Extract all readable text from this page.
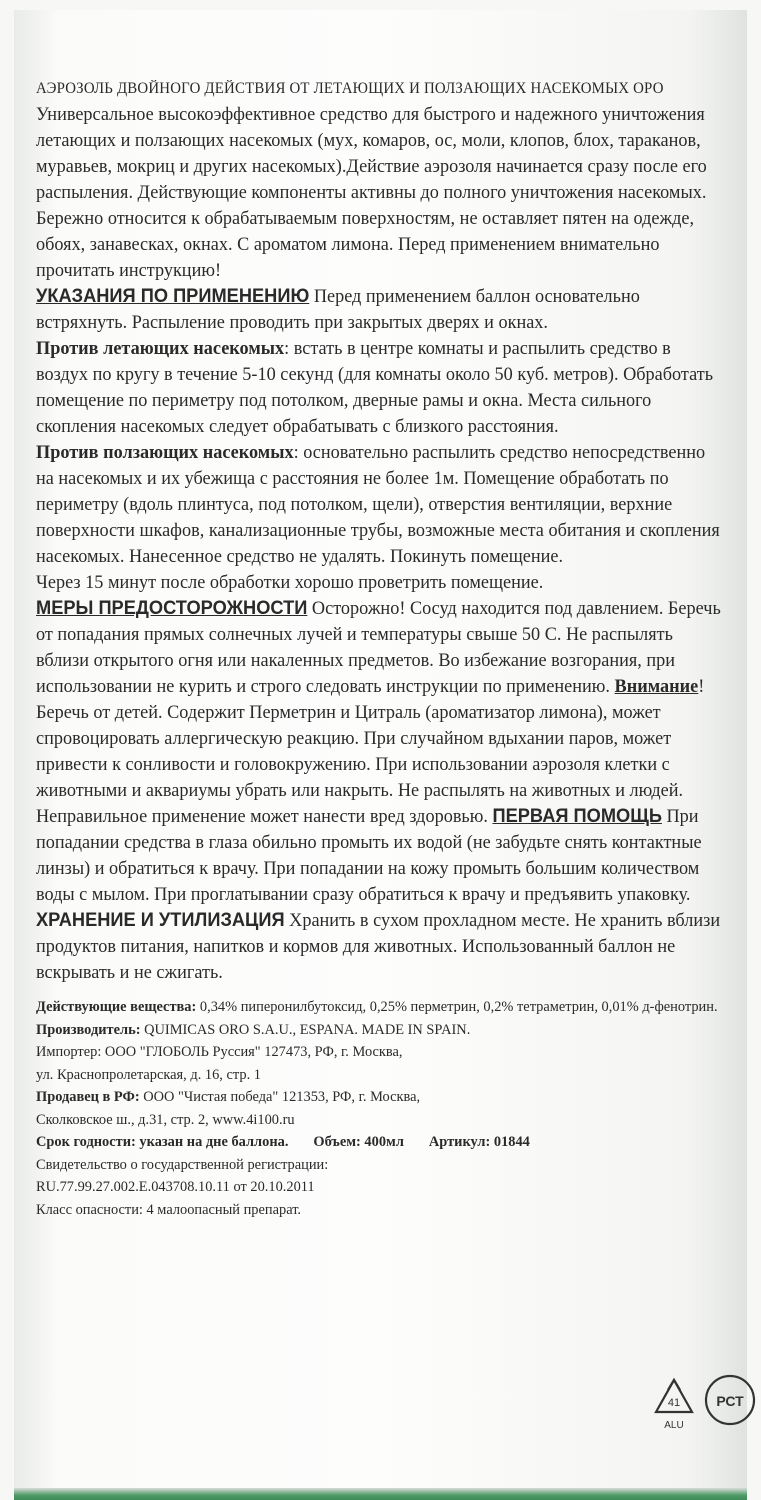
АЭРОЗОЛЬ ДВОЙНОГО ДЕЙСТВИЯ ОТ ЛЕТАЮЩИХ И ПОЛЗАЮЩИХ НАСЕКОМЫХ ОРО

Универсальное высокоэффективное средство для быстрого и надежного уничтожения летающих и ползающих насекомых (мух, комаров, ос, моли, клопов, блох, тараканов, муравьев, мокриц и других насекомых).Действие аэрозоля начинается сразу после его распыления. Действующие компоненты активны до полного уничтожения насекомых. Бережно относится к обрабатываемым поверхностям, не оставляет пятен на одежде, обоях, занавесках, окнах. С ароматом лимона. Перед применением внимательно прочитать инструкцию!

УКАЗАНИЯ ПО ПРИМЕНЕНИЮ Перед применением баллон основательно встряхнуть. Распыление проводить при закрытых дверях и окнах.

Против летающих насекомых: встать в центре комнаты и распылить средство в воздух по кругу в течение 5-10 секунд (для комнаты около 50 куб. метров). Обработать помещение по периметру под потолком, дверные рамы и окна. Места сильного скопления насекомых следует обрабатывать с близкого расстояния.

Против ползающих насекомых: основательно распылить средство непосредственно на насекомых и их убежища с расстояния не более 1м. Помещение обработать по периметру (вдоль плинтуса, под потолком, щели), отверстия вентиляции, верхние поверхности шкафов, канализационные трубы, возможные места обитания и скопления насекомых. Нанесенное средство не удалять. Покинуть помещение.

Через 15 минут после обработки хорошо проветрить помещение.

МЕРЫ ПРЕДОСТОРОЖНОСТИ Осторожно! Сосуд находится под давлением. Беречь от попадания прямых солнечных лучей и температуры свыше 50 С. Не распылять вблизи открытого огня или накаленных предметов. Во избежание возгорания, при использовании не курить и строго следовать инструкции по применению. Внимание! Беречь от детей. Содержит Перметрин и Цитраль (ароматизатор лимона), может спровоцировать аллергическую реакцию. При случайном вдыхании паров, может привести к сонливости и головокружению. При использовании аэрозоля клетки с животными и аквариумы убрать или накрыть. Не распылять на животных и людей. Неправильное применение может нанести вред здоровью. ПЕРВАЯ ПОМОЩЬ При попадании средства в глаза обильно промыть их водой (не забудьте снять контактные линзы) и обратиться к врачу. При попадании на кожу промыть большим количеством воды с мылом. При проглатывании сразу обратиться к врачу и предъявить упаковку.

ХРАНЕНИЕ И УТИЛИЗАЦИЯ Хранить в сухом прохладном месте. Не хранить вблизи продуктов питания, напитков и кормов для животных. Использованный баллон не вскрывать и не сжигать.

Действующие вещества: 0,34% пиперонилбутоксид, 0,25% перметрин, 0,2% тетраметрин, 0,01% д-фенотрин.

Производитель: QUIMICAS ORO S.A.U., ESPANA. MADE IN SPAIN.

Импортер: ООО "ГЛОБОЛЬ Руссия" 127473, РФ, г. Москва,

ул. Краснопролетарская, д. 16, стр. 1

Продавец в РФ: ООО "Чистая победа" 121353, РФ, г. Москва,

Сколковское ш., д.31, стр. 2, www.4i100.ru

Срок годности: указан на дне баллона. Объем: 400мл Артикул: 01844

Свидетельство о государственной регистрации:

RU.77.99.27.002.Е.043708.10.11 от 20.10.2011

Класс опасности: 4 малоопасный препарат.

41
ALU
РСТ
